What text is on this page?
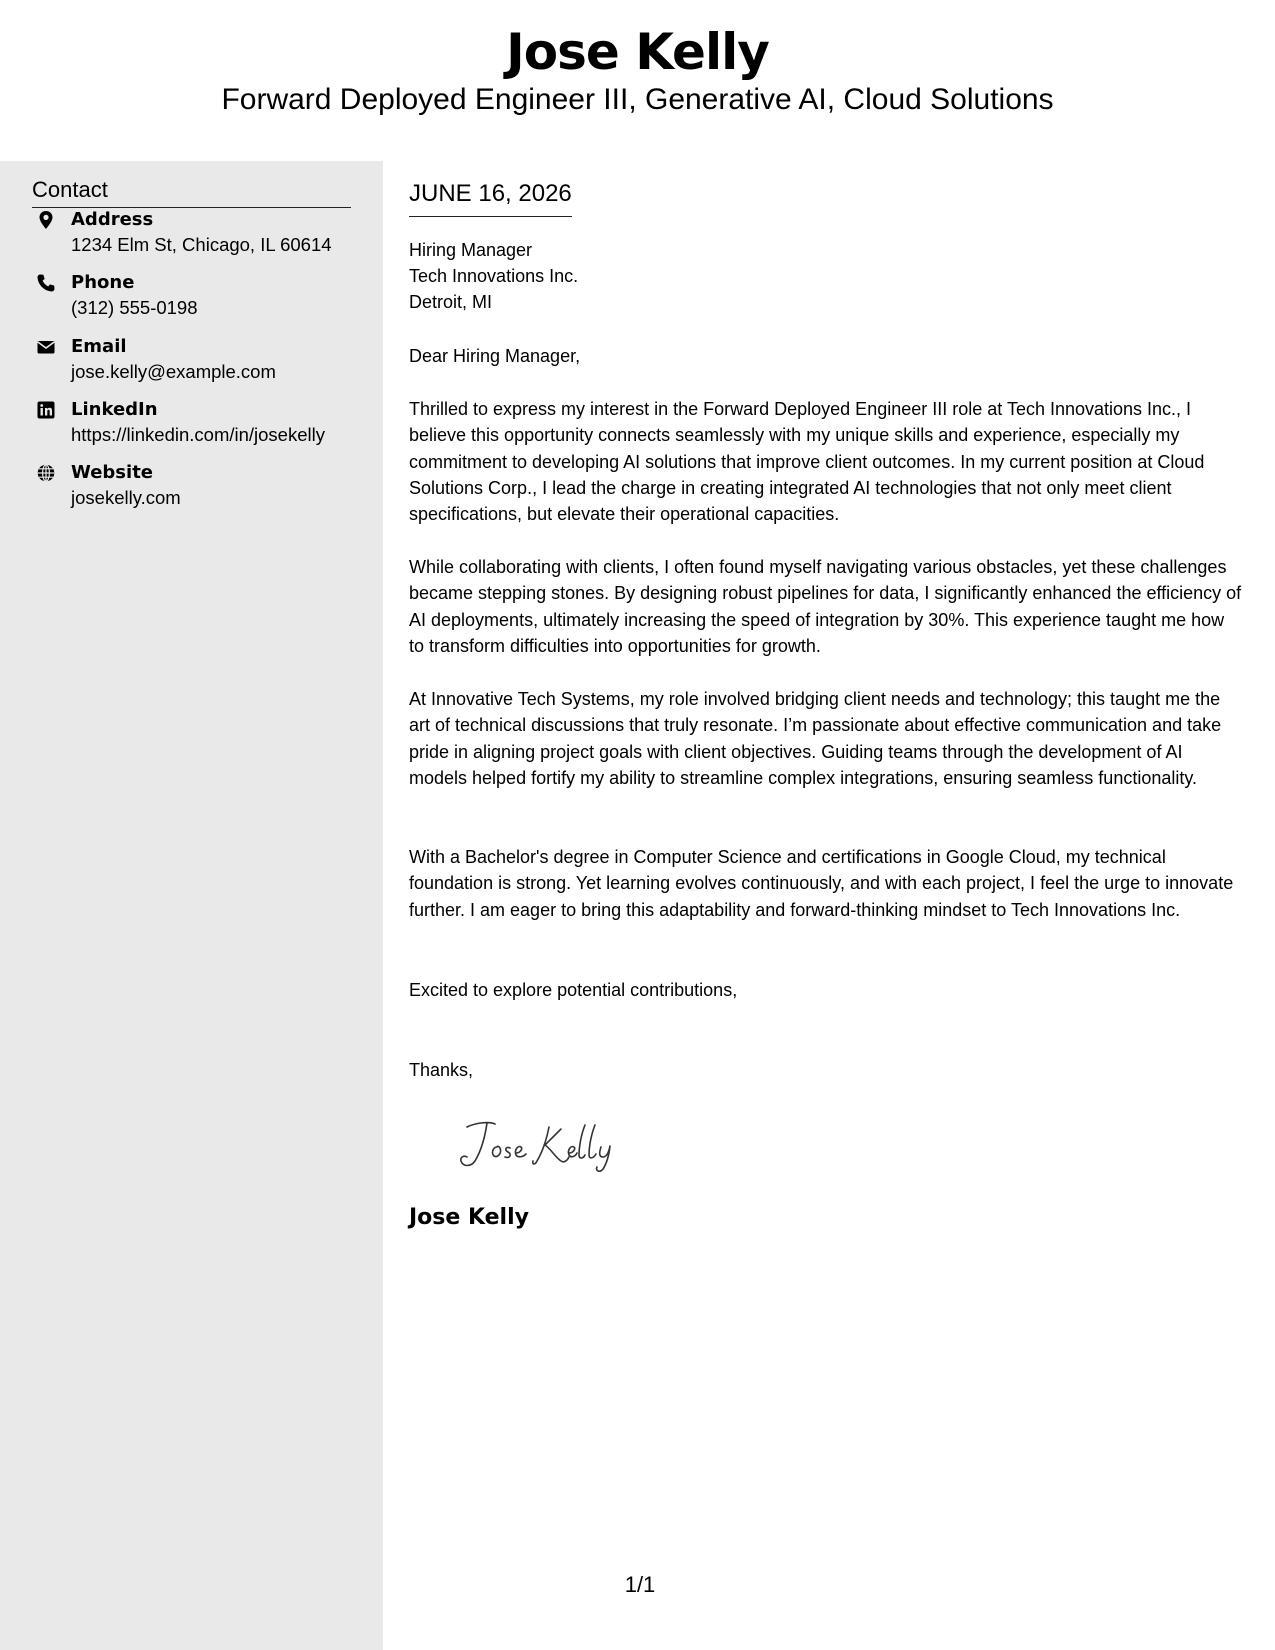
Jose Kelly
Forward Deployed Engineer III, Generative AI, Cloud Solutions
Contact
Address
1234 Elm St, Chicago, IL 60614
Phone
(312) 555-0198
Email
jose.kelly@example.com
LinkedIn
https://linkedin.com/in/josekelly
Website
josekelly.com
JUNE 16, 2026
Hiring Manager
Tech Innovations Inc.
Detroit, MI
Dear Hiring Manager,
Thrilled to express my interest in the Forward Deployed Engineer III role at Tech Innovations Inc., I believe this opportunity connects seamlessly with my unique skills and experience, especially my commitment to developing AI solutions that improve client outcomes. In my current position at Cloud Solutions Corp., I lead the charge in creating integrated AI technologies that not only meet client specifications, but elevate their operational capacities.
While collaborating with clients, I often found myself navigating various obstacles, yet these challenges became stepping stones. By designing robust pipelines for data, I significantly enhanced the efficiency of AI deployments, ultimately increasing the speed of integration by 30%. This experience taught me how to transform difficulties into opportunities for growth.
At Innovative Tech Systems, my role involved bridging client needs and technology; this taught me the art of technical discussions that truly resonate. I’m passionate about effective communication and take pride in aligning project goals with client objectives. Guiding teams through the development of AI models helped fortify my ability to streamline complex integrations, ensuring seamless functionality.
With a Bachelor's degree in Computer Science and certifications in Google Cloud, my technical foundation is strong. Yet learning evolves continuously, and with each project, I feel the urge to innovate further. I am eager to bring this adaptability and forward-thinking mindset to Tech Innovations Inc.
Excited to explore potential contributions,
Thanks,
Jose Kelly
1/1
